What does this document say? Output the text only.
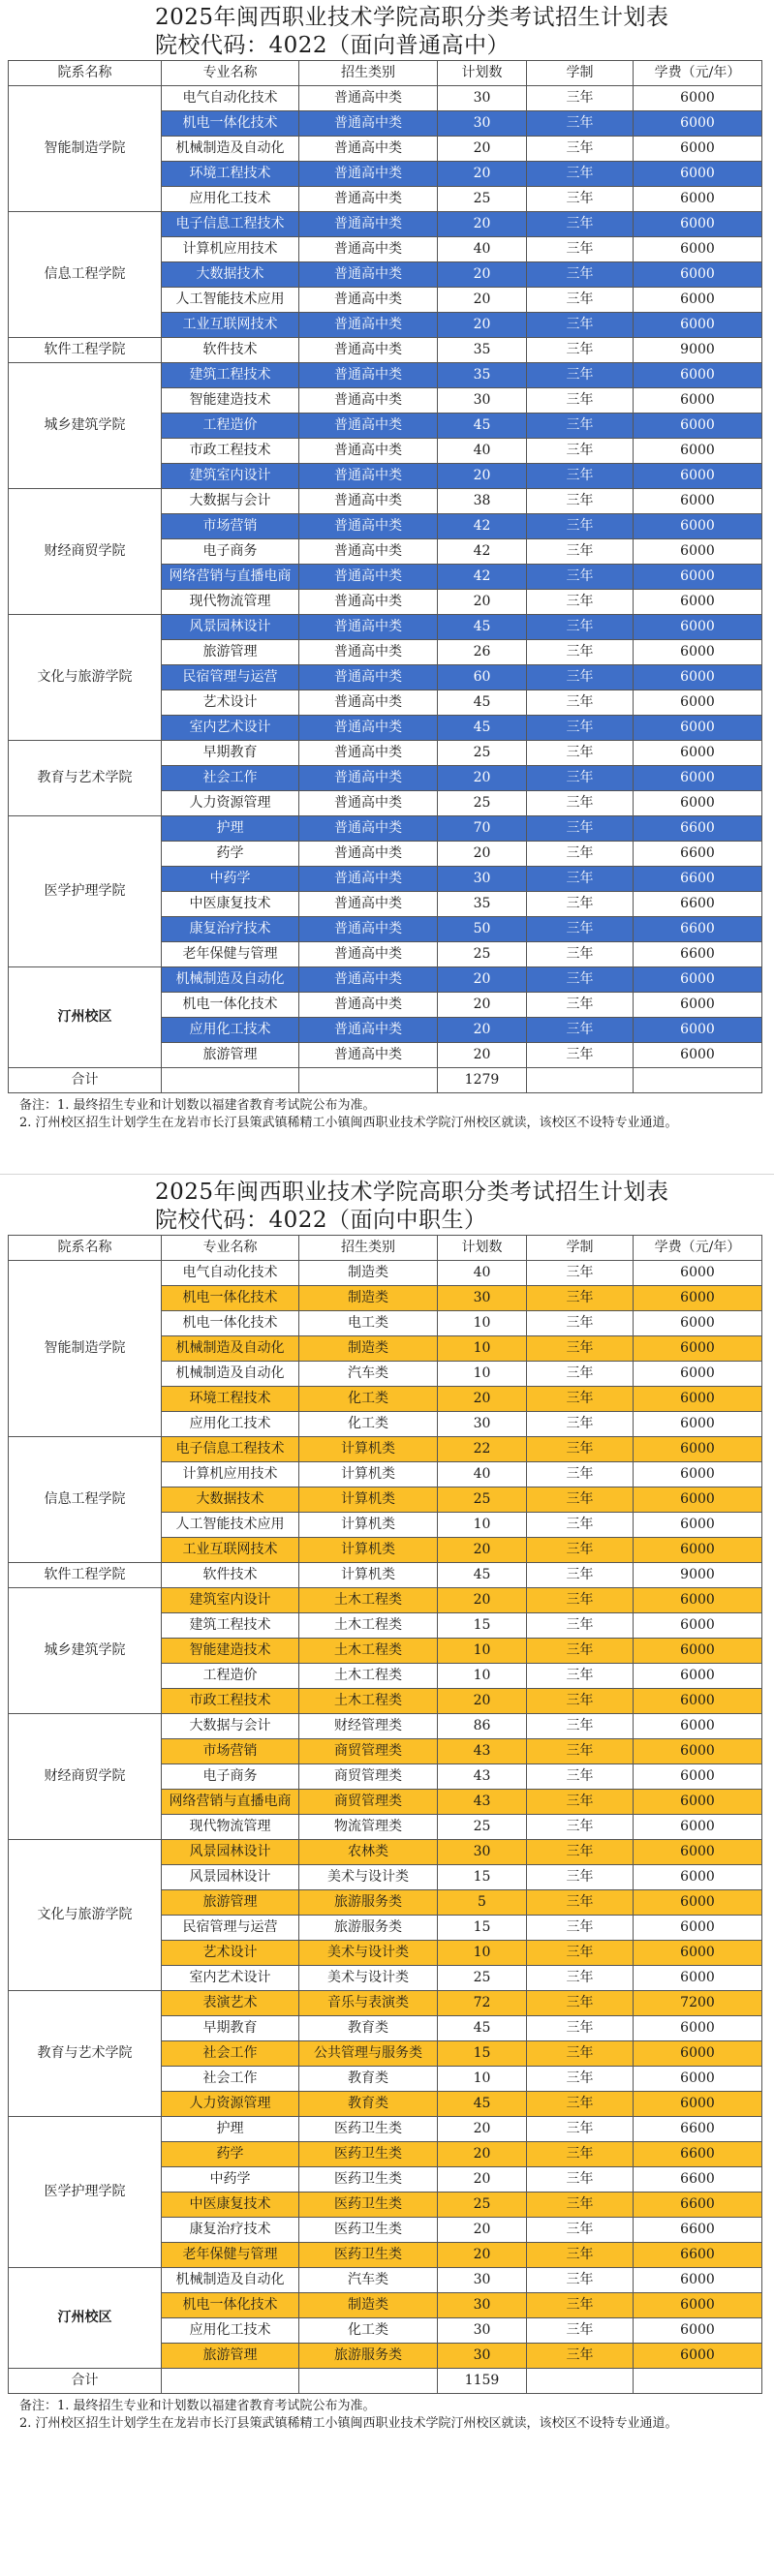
2025年闽西职业技术学院高职分类考试招生计划表
院校代码：4022（面向普通高中）
院系名称	专业名称	招生类别	计划数	学制	学费（元/年）
智能制造学院	电气自动化技术	普通高中类	30	三年	6000
	机电一体化技术	普通高中类	30	三年	6000
	机械制造及自动化	普通高中类	20	三年	6000
	环境工程技术	普通高中类	20	三年	6000
	应用化工技术	普通高中类	25	三年	6000
信息工程学院	电子信息工程技术	普通高中类	20	三年	6000
	计算机应用技术	普通高中类	40	三年	6000
	大数据技术	普通高中类	20	三年	6000
	人工智能技术应用	普通高中类	20	三年	6000
	工业互联网技术	普通高中类	20	三年	6000
软件工程学院	软件技术	普通高中类	35	三年	9000
城乡建筑学院	建筑工程技术	普通高中类	35	三年	6000
	智能建造技术	普通高中类	30	三年	6000
	工程造价	普通高中类	45	三年	6000
	市政工程技术	普通高中类	40	三年	6000
	建筑室内设计	普通高中类	20	三年	6000
财经商贸学院	大数据与会计	普通高中类	38	三年	6000
	市场营销	普通高中类	42	三年	6000
	电子商务	普通高中类	42	三年	6000
	网络营销与直播电商	普通高中类	42	三年	6000
	现代物流管理	普通高中类	20	三年	6000
文化与旅游学院	风景园林设计	普通高中类	45	三年	6000
	旅游管理	普通高中类	26	三年	6000
	民宿管理与运营	普通高中类	60	三年	6000
	艺术设计	普通高中类	45	三年	6000
	室内艺术设计	普通高中类	45	三年	6000
教育与艺术学院	早期教育	普通高中类	25	三年	6000
	社会工作	普通高中类	20	三年	6000
	人力资源管理	普通高中类	25	三年	6000
医学护理学院	护理	普通高中类	70	三年	6600
	药学	普通高中类	20	三年	6600
	中药学	普通高中类	30	三年	6600
	中医康复技术	普通高中类	35	三年	6600
	康复治疗技术	普通高中类	50	三年	6600
	老年保健与管理	普通高中类	25	三年	6600
汀州校区	机械制造及自动化	普通高中类	20	三年	6000
	机电一体化技术	普通高中类	20	三年	6000
	应用化工技术	普通高中类	20	三年	6000
	旅游管理	普通高中类	20	三年	6000
合计			1279		

备注：1. 最终招生专业和计划数以福建省教育考试院公布为准。

2. 汀州校区招生计划学生在龙岩市长汀县策武镇稀精工小镇闽西职业技术学院汀州校区就读，该校区不设特专业通道。

2025年闽西职业技术学院高职分类考试招生计划表
院校代码：4022（面向中职生）
院系名称	专业名称	招生类别	计划数	学制	学费（元/年）
智能制造学院	电气自动化技术	制造类	40	三年	6000
	机电一体化技术	制造类	30	三年	6000
	机电一体化技术	电工类	10	三年	6000
	机械制造及自动化	制造类	10	三年	6000
	机械制造及自动化	汽车类	10	三年	6000
	环境工程技术	化工类	20	三年	6000
	应用化工技术	化工类	30	三年	6000
信息工程学院	电子信息工程技术	计算机类	22	三年	6000
	计算机应用技术	计算机类	40	三年	6000
	大数据技术	计算机类	25	三年	6000
	人工智能技术应用	计算机类	10	三年	6000
	工业互联网技术	计算机类	20	三年	6000
软件工程学院	软件技术	计算机类	45	三年	9000
城乡建筑学院	建筑室内设计	土木工程类	20	三年	6000
	建筑工程技术	土木工程类	15	三年	6000
	智能建造技术	土木工程类	10	三年	6000
	工程造价	土木工程类	10	三年	6000
	市政工程技术	土木工程类	20	三年	6000
财经商贸学院	大数据与会计	财经管理类	86	三年	6000
	市场营销	商贸管理类	43	三年	6000
	电子商务	商贸管理类	43	三年	6000
	网络营销与直播电商	商贸管理类	43	三年	6000
	现代物流管理	物流管理类	25	三年	6000
文化与旅游学院	风景园林设计	农林类	30	三年	6000
	风景园林设计	美术与设计类	15	三年	6000
	旅游管理	旅游服务类	5	三年	6000
	民宿管理与运营	旅游服务类	15	三年	6000
	艺术设计	美术与设计类	10	三年	6000
	室内艺术设计	美术与设计类	25	三年	6000
教育与艺术学院	表演艺术	音乐与表演类	72	三年	7200
	早期教育	教育类	45	三年	6000
	社会工作	公共管理与服务类	15	三年	6000
	社会工作	教育类	10	三年	6000
	人力资源管理	教育类	45	三年	6000
医学护理学院	护理	医药卫生类	20	三年	6600
	药学	医药卫生类	20	三年	6600
	中药学	医药卫生类	20	三年	6600
	中医康复技术	医药卫生类	25	三年	6600
	康复治疗技术	医药卫生类	20	三年	6600
	老年保健与管理	医药卫生类	20	三年	6600
汀州校区	机械制造及自动化	汽车类	30	三年	6000
	机电一体化技术	制造类	30	三年	6000
	应用化工技术	化工类	30	三年	6000
	旅游管理	旅游服务类	30	三年	6000
合计			1159		

备注：1. 最终招生专业和计划数以福建省教育考试院公布为准。

2. 汀州校区招生计划学生在龙岩市长汀县策武镇稀精工小镇闽西职业技术学院汀州校区就读，该校区不设特专业通道。
